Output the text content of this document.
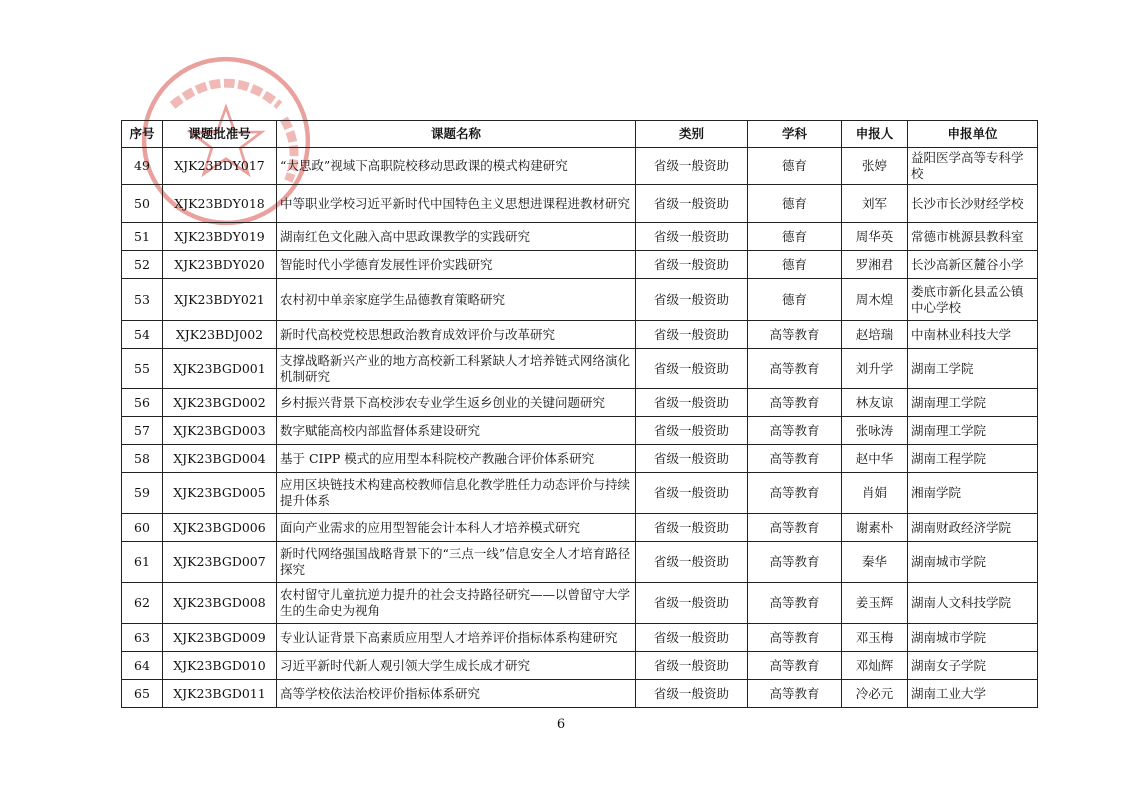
序号	课题批准号	课题名称	类别	学科	申报人	申报单位
49	XJK23BDY017	“大思政”视域下高职院校移动思政课的模式构建研究	省级一般资助	德育	张婷	益阳医学高等专科学校
50	XJK23BDY018	中等职业学校习近平新时代中国特色主义思想进课程进教材研究	省级一般资助	德育	刘军	长沙市长沙财经学校
51	XJK23BDY019	湖南红色文化融入高中思政课教学的实践研究	省级一般资助	德育	周华英	常德市桃源县教科室
52	XJK23BDY020	智能时代小学德育发展性评价实践研究	省级一般资助	德育	罗湘君	长沙高新区麓谷小学
53	XJK23BDY021	农村初中单亲家庭学生品德教育策略研究	省级一般资助	德育	周木煌	娄底市新化县孟公镇中心学校
54	XJK23BDJ002	新时代高校党校思想政治教育成效评价与改革研究	省级一般资助	高等教育	赵培瑞	中南林业科技大学
55	XJK23BGD001	支撑战略新兴产业的地方高校新工科紧缺人才培养链式网络演化机制研究	省级一般资助	高等教育	刘升学	湖南工学院
56	XJK23BGD002	乡村振兴背景下高校涉农专业学生返乡创业的关键问题研究	省级一般资助	高等教育	林友谅	湖南理工学院
57	XJK23BGD003	数字赋能高校内部监督体系建设研究	省级一般资助	高等教育	张咏涛	湖南理工学院
58	XJK23BGD004	基于 CIPP 模式的应用型本科院校产教融合评价体系研究	省级一般资助	高等教育	赵中华	湖南工程学院
59	XJK23BGD005	应用区块链技术构建高校教师信息化教学胜任力动态评价与持续提升体系	省级一般资助	高等教育	肖娟	湘南学院
60	XJK23BGD006	面向产业需求的应用型智能会计本科人才培养模式研究	省级一般资助	高等教育	谢素朴	湖南财政经济学院
61	XJK23BGD007	新时代网络强国战略背景下的“三点一线”信息安全人才培育路径探究	省级一般资助	高等教育	秦华	湖南城市学院
62	XJK23BGD008	农村留守儿童抗逆力提升的社会支持路径研究——以曾留守大学生的生命史为视角	省级一般资助	高等教育	姜玉辉	湖南人文科技学院
63	XJK23BGD009	专业认证背景下高素质应用型人才培养评价指标体系构建研究	省级一般资助	高等教育	邓玉梅	湖南城市学院
64	XJK23BGD010	习近平新时代新人观引领大学生成长成才研究	省级一般资助	高等教育	邓灿辉	湖南女子学院
65	XJK23BGD011	高等学校依法治校评价指标体系研究	省级一般资助	高等教育	冷必元	湖南工业大学
6
